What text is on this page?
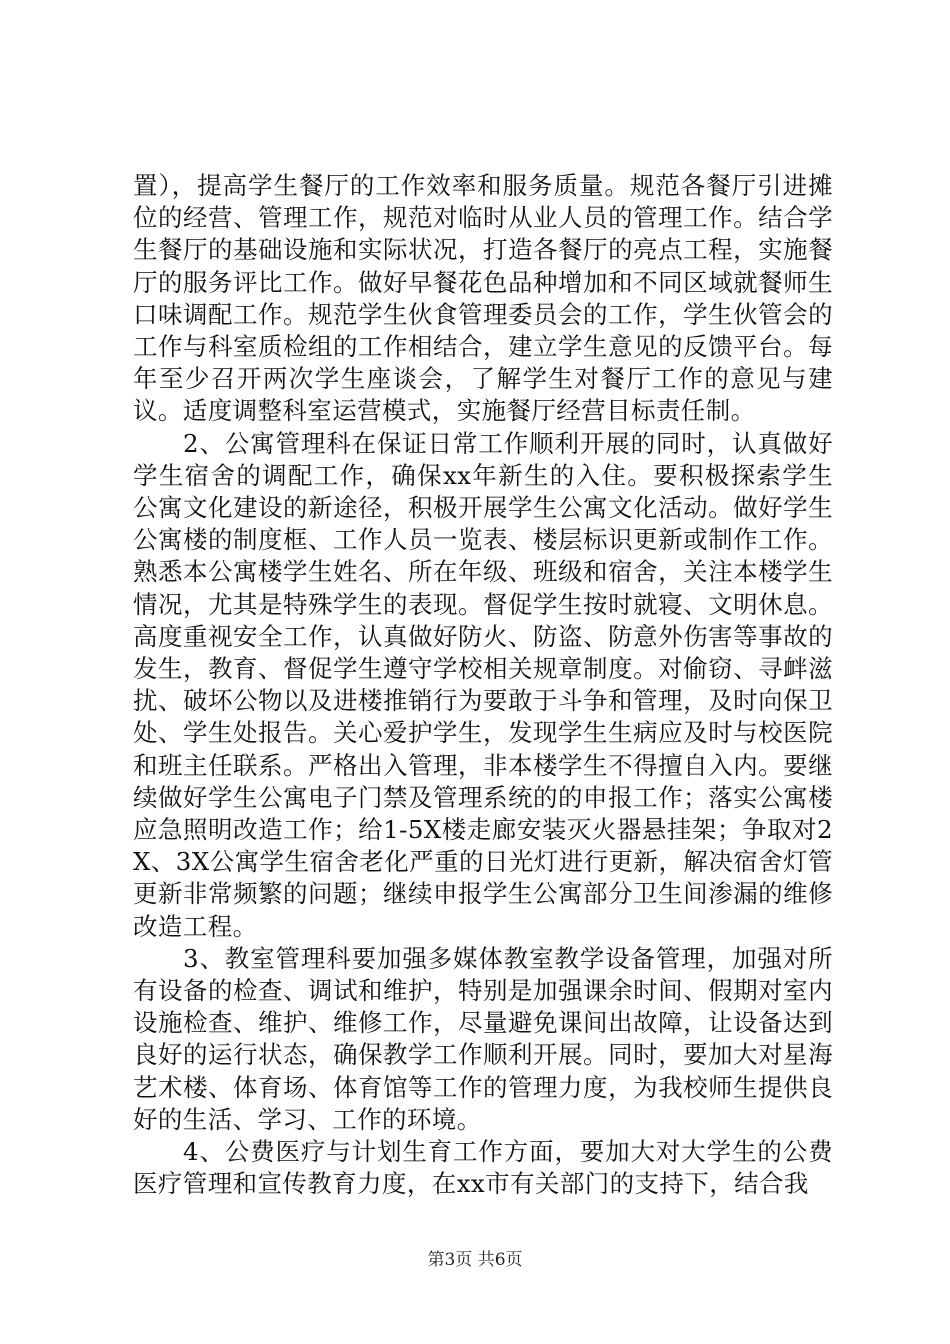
置），提高学生餐厅的工作效率和服务质量。规范各餐厅引进摊位的经营、管理工作，规范对临时从业人员的管理工作。结合学生餐厅的基础设施和实际状况，打造各餐厅的亮点工程，实施餐厅的服务评比工作。做好早餐花色品种增加和不同区域就餐师生口味调配工作。规范学生伙食管理委员会的工作，学生伙管会的工作与科室质检组的工作相结合，建立学生意见的反馈平台。每年至少召开两次学生座谈会，了解学生对餐厅工作的意见与建议。适度调整科室运营模式，实施餐厅经营目标责任制。

2、公寓管理科在保证日常工作顺利开展的同时，认真做好学生宿舍的调配工作，确保xx年新生的入住。要积极探索学生公寓文化建设的新途径，积极开展学生公寓文化活动。做好学生公寓楼的制度框、工作人员一览表、楼层标识更新或制作工作。熟悉本公寓楼学生姓名、所在年级、班级和宿舍，关注本楼学生情况，尤其是特殊学生的表现。督促学生按时就寝、文明休息。高度重视安全工作，认真做好防火、防盗、防意外伤害等事故的发生，教育、督促学生遵守学校相关规章制度。对偷窃、寻衅滋扰、破坏公物以及进楼推销行为要敢于斗争和管理，及时向保卫处、学生处报告。关心爱护学生，发现学生生病应及时与校医院和班主任联系。严格出入管理，非本楼学生不得擅自入内。要继续做好学生公寓电子门禁及管理系统的的申报工作；落实公寓楼应急照明改造工作；给1-5X楼走廊安装灭火器悬挂架；争取对2X、3X公寓学生宿舍老化严重的日光灯进行更新，解决宿舍灯管更新非常频繁的问题；继续申报学生公寓部分卫生间渗漏的维修改造工程。

3、教室管理科要加强多媒体教室教学设备管理，加强对所有设备的检查、调试和维护，特别是加强课余时间、假期对室内设施检查、维护、维修工作，尽量避免课间出故障，让设备达到良好的运行状态，确保教学工作顺利开展。同时，要加大对星海艺术楼、体育场、体育馆等工作的管理力度，为我校师生提供良好的生活、学习、工作的环境。

4、公费医疗与计划生育工作方面，要加大对大学生的公费医疗管理和宣传教育力度，在xx市有关部门的支持下，结合我

第3页 共6页
